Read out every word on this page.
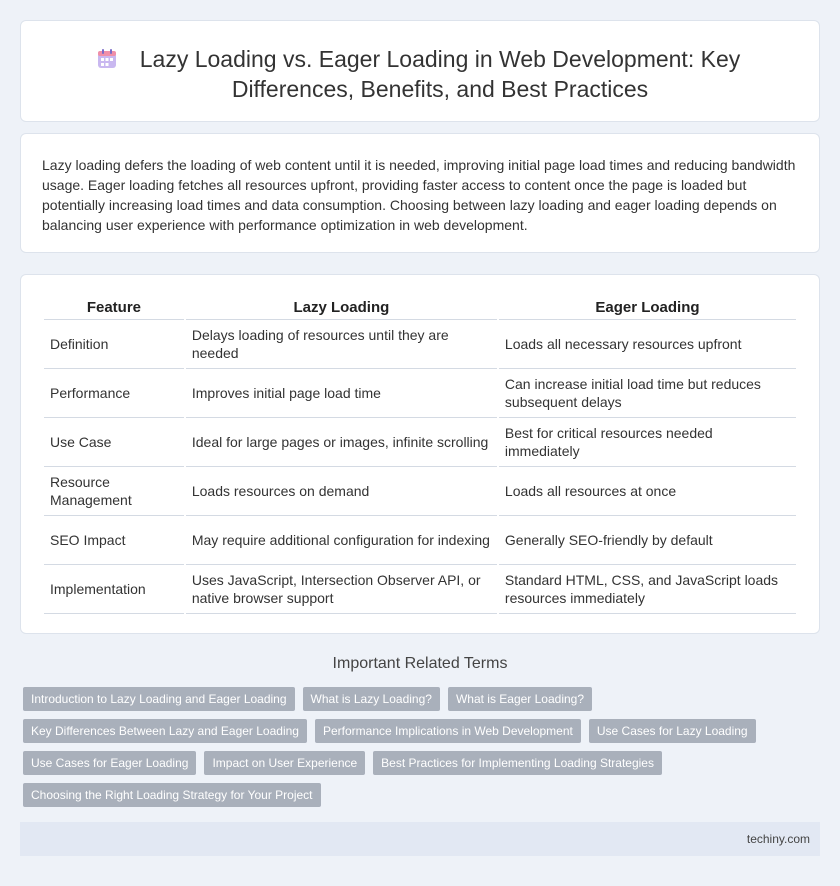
Lazy Loading vs. Eager Loading in Web Development: Key Differences, Benefits, and Best Practices

Lazy loading defers the loading of web content until it is needed, improving initial page load times and reducing bandwidth usage. Eager loading fetches all resources upfront, providing faster access to content once the page is loaded but potentially increasing load times and data consumption. Choosing between lazy loading and eager loading depends on balancing user experience with performance optimization in web development.

Feature	Lazy Loading	Eager Loading
Definition	Delays loading of resources until they are needed	Loads all necessary resources upfront
Performance	Improves initial page load time	Can increase initial load time but reduces subsequent delays
Use Case	Ideal for large pages or images, infinite scrolling	Best for critical resources needed immediately
Resource Management	Loads resources on demand	Loads all resources at once
SEO Impact	May require additional configuration for indexing	Generally SEO-friendly by default
Implementation	Uses JavaScript, Intersection Observer API, or native browser support	Standard HTML, CSS, and JavaScript loads resources immediately
Important Related Terms
Introduction to Lazy Loading and Eager Loading	What is Lazy Loading?	What is Eager Loading?
Key Differences Between Lazy and Eager Loading	Performance Implications in Web Development	Use Cases for Lazy Loading
Use Cases for Eager Loading	Impact on User Experience	Best Practices for Implementing Loading Strategies
Choosing the Right Loading Strategy for Your Project
techiny.com
